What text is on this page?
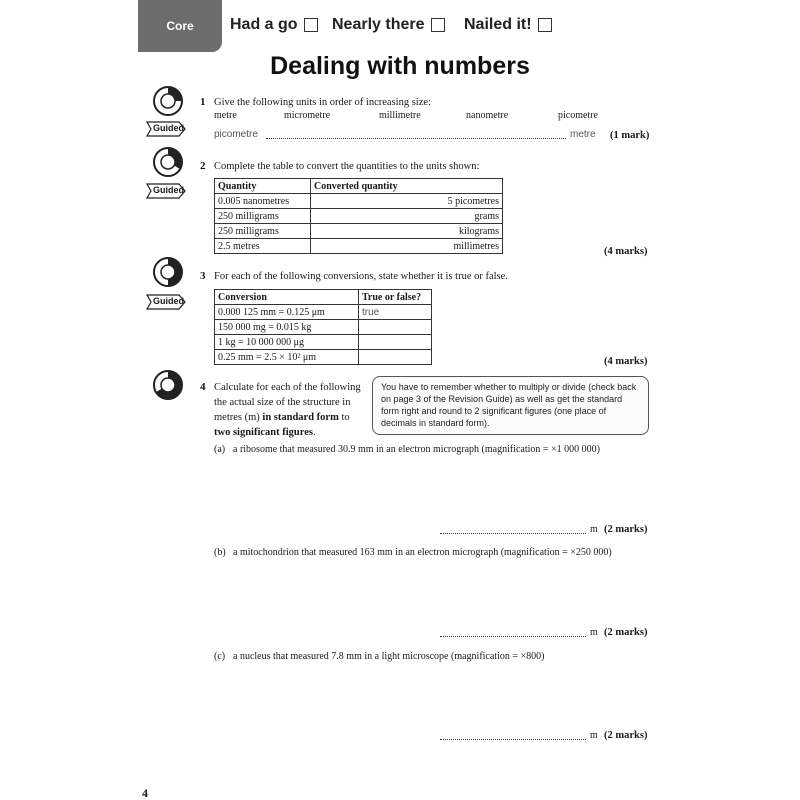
Core	Had a go Nearly there Nailed it!
Dealing with numbers
Guided
Guided
Guided
1 Give the following units in order of increasing size:
metre	micrometre	millimetre	nanometre	picometre
picometre	metre (1 mark)
2 Complete the table to convert the quantities to the units shown:
Quantity	Converted quantity
0.005 nanometres	5 picometres
250 milligrams	grams
250 milligrams	kilograms
2.5 metres	millimetres	(4 marks)
3 For each of the following conversions, state whether it is true or false.
Conversion	True or false?
0.000 125 mm = 0.125 μm	true
150 000 mg = 0.015 kg	
1 kg = 10 000 000 μg	
0.25 mm = 2.5 × 10² μm		(4 marks)
4 Calculate for each of the following the actual size of the structure in metres (m) in standard form to two significant figures.
You have to remember whether to multiply or divide (check back on page 3 of the Revision Guide) as well as get the standard form right and round to 2 significant figures (one place of decimals in standard form).
(a) a ribosome that measured 30.9 mm in an electron micrograph (magnification = ×1 000 000)
m (2 marks)
(b) a mitochondrion that measured 163 mm in an electron micrograph (magnification = ×250 000)
m (2 marks)
(c) a nucleus that measured 7.8 mm in a light microscope (magnification = ×800)
m (2 marks)
4
